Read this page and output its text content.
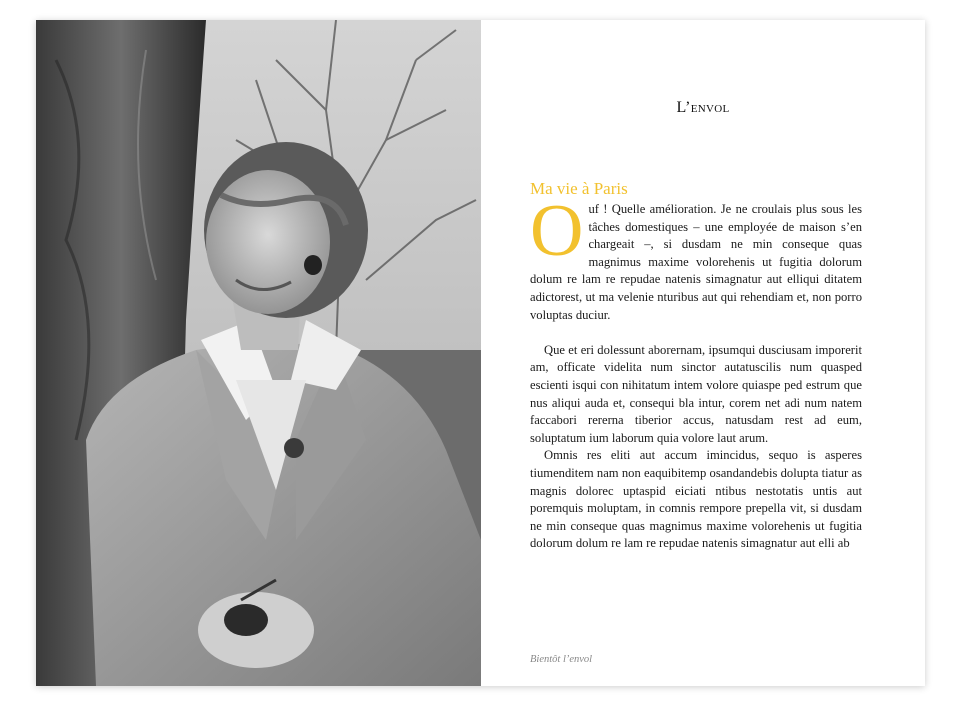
L’envol
Ma vie à Paris

Ouf ! Quelle amélioration. Je ne croulais plus sous les tâches domestiques – une employée de maison s’en chargeait –, si dusdam ne min conseque quas magnimus maxime volorehenis ut fugitia dolorum dolum re lam re repudae natenis simagnatur aut elliqui ditatem adictorest, ut ma velenie nturibus aut qui rehendiam et, non porro voluptas duciur.

Que et eri dolessunt aborernam, ipsumqui dusciusam imporerit am, officate videlita num sinctor autatuscilis num quasped escienti isqui con nihitatum intem volore quiaspe ped estrum que nus aliqui auda et, consequi bla intur, corem net adi num natem faccabori rererna tiberior accus, natusdam rest ad eum, soluptatum ium laborum quia volore laut arum.

Omnis res eliti aut accum imincidus, sequo is asperes tiumenditem nam non eaquibitemp osandandebis dolupta tiatur as magnis dolorec uptaspid eiciati ntibus nestotatis untis aut poremquis moluptam, in comnis rempore prepella vit, si dusdam ne min conseque quas magnimus maxime volorehenis ut fugitia dolorum dolum re lam re repudae natenis simagnatur aut elli ab

Bientôt l’envol
